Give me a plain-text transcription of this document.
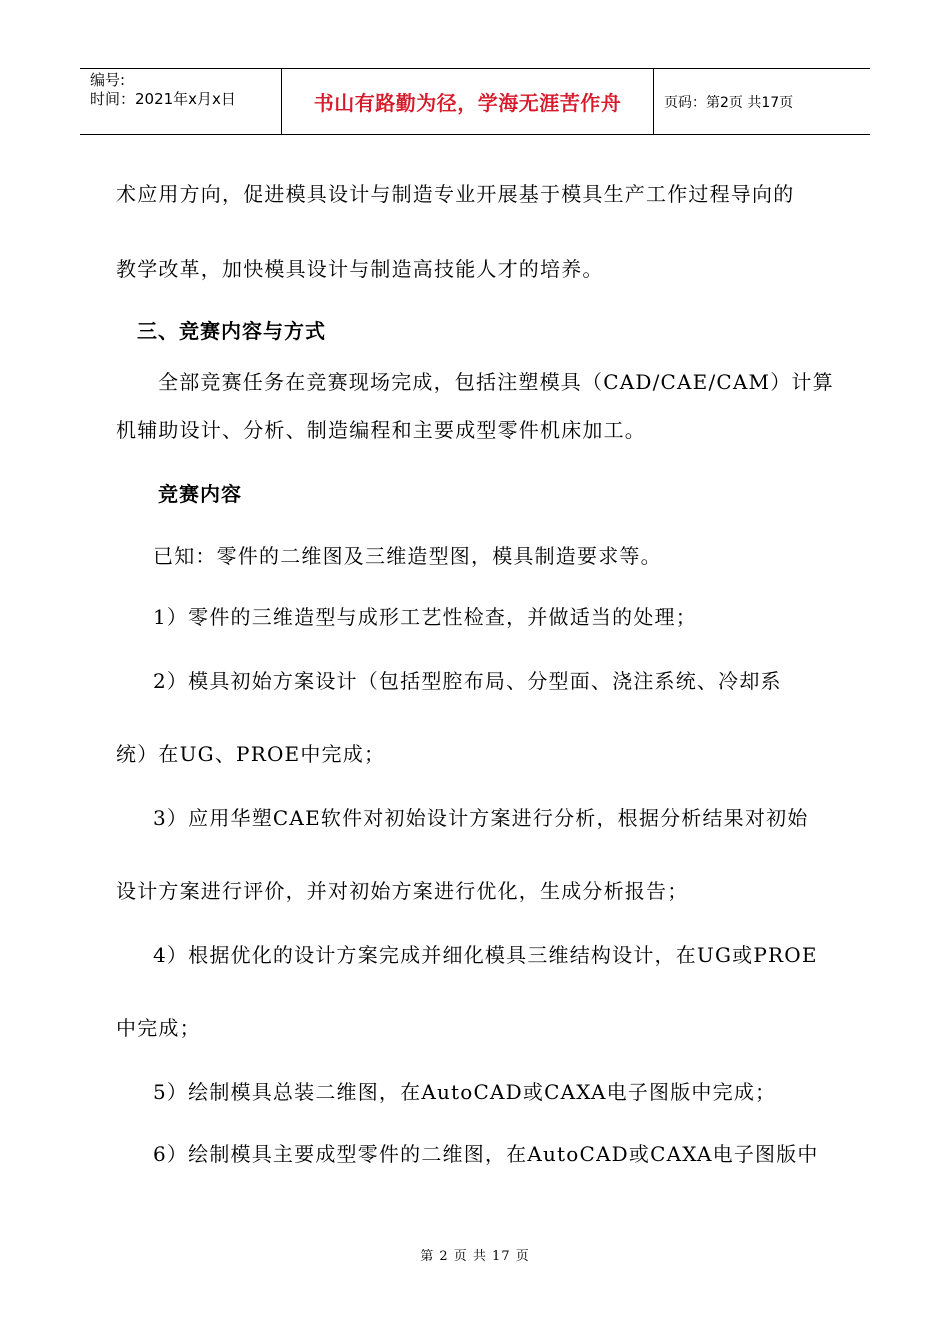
编号:
时间：2021年x月x日	书山有路勤为径，学海无涯苦作舟	页码：第2页 共17页
术应用方向，促进模具设计与制造专业开展基于模具生产工作过程导向的
教学改革，加快模具设计与制造高技能人才的培养。
三、竞赛内容与方式
全部竞赛任务在竞赛现场完成，包括注塑模具（CAD/CAE/CAM）计算
机辅助设计、分析、制造编程和主要成型零件机床加工。
竞赛内容
已知：零件的二维图及三维造型图，模具制造要求等。
1）零件的三维造型与成形工艺性检查，并做适当的处理；
2）模具初始方案设计（包括型腔布局、分型面、浇注系统、冷却系
统）在UG、PROE中完成；
3）应用华塑CAE软件对初始设计方案进行分析，根据分析结果对初始
设计方案进行评价，并对初始方案进行优化，生成分析报告；
4）根据优化的设计方案完成并细化模具三维结构设计，在UG或PROE
中完成；
5）绘制模具总装二维图，在AutoCAD或CAXA电子图版中完成；
6）绘制模具主要成型零件的二维图，在AutoCAD或CAXA电子图版中
第 2 页 共 17 页
